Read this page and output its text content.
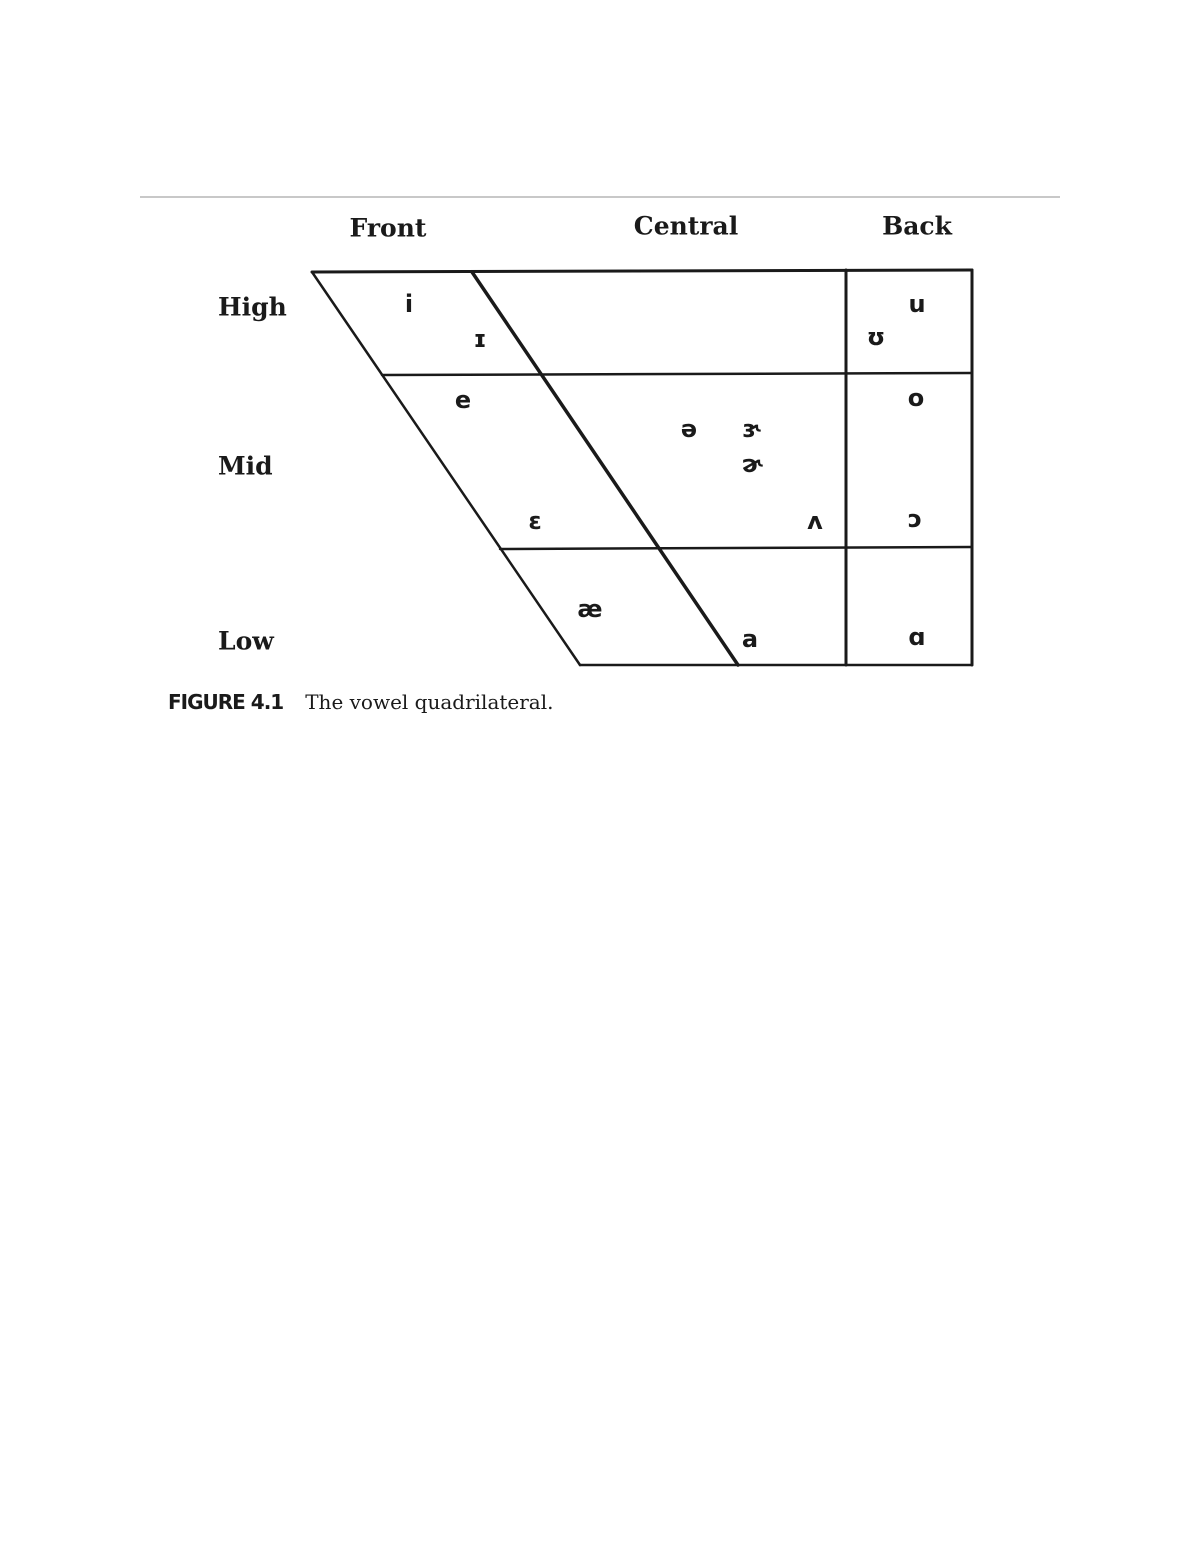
Front	Central	Back
High
Mid
Low
i
ɪ
u
ʊ
e
ə ɝ
ɚ
o
ɛ	ʌ	ɔ
æ
a	ɑ
FIGURE 4.1 The vowel quadrilateral.
